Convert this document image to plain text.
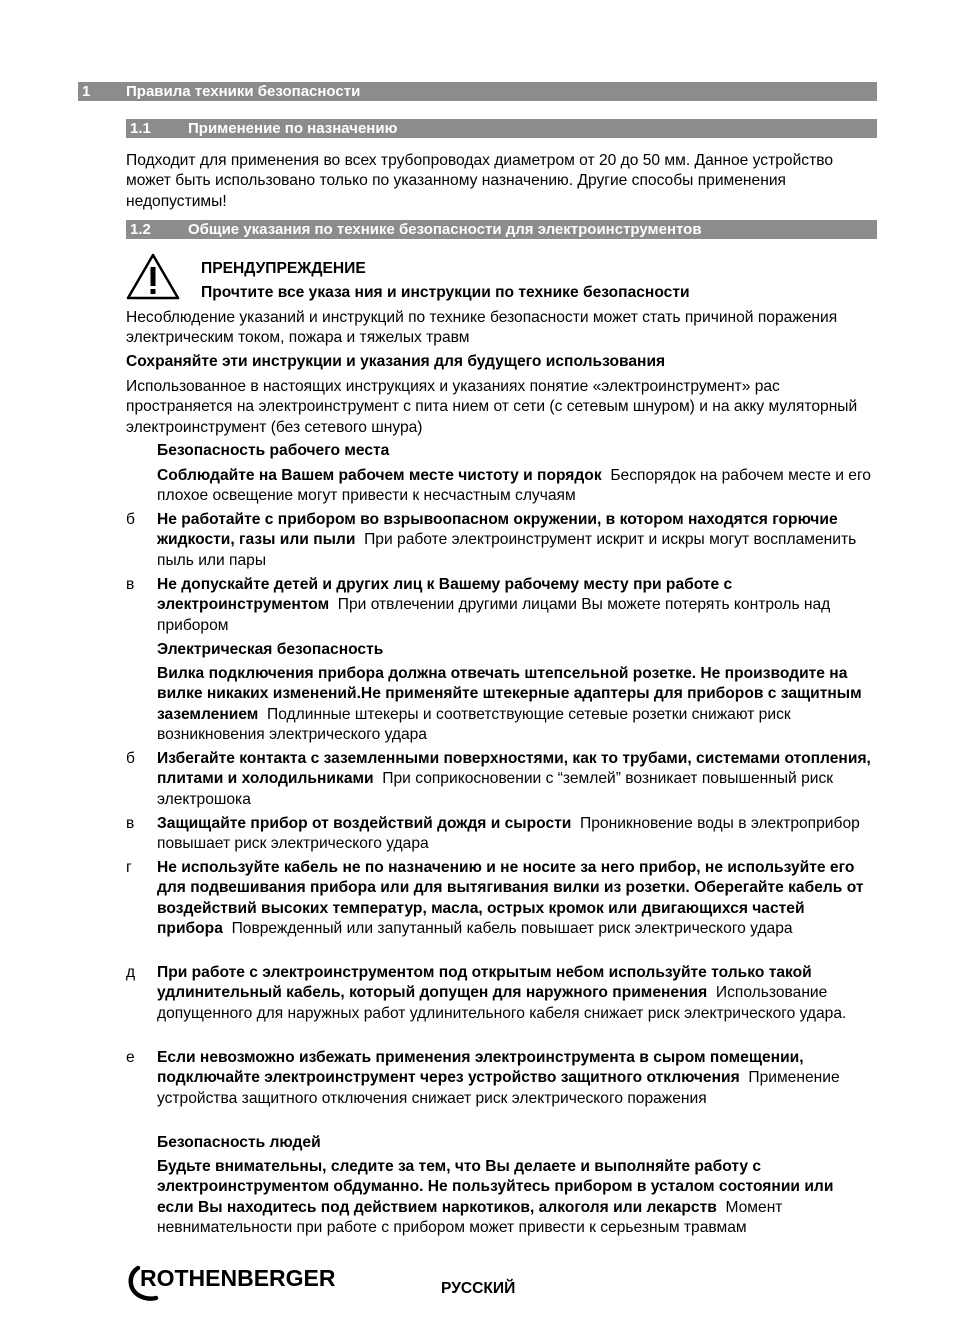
1 Правила техники безопасности
1.1 Применение по назначению
Подходит для применения во всех трубопроводах диаметром от 20 до 50 мм. Данное устройство может быть использовано только по указанному назначению. Другие способы применения недопустимы!
1.2 Общие указания по технике безопасности для электроинструментов
ПРЕНДУПРЕЖДЕНИЕ
Прочтите все указа ния и инструкции по технике безопасности
Несоблюдение указаний и инструкций по технике безопасности может стать причиной поражения электрическим током, пожара и тяжелых травм
Сохраняйте эти инструкции и указания для будущего использования
Использованное в настоящих инструкциях и указаниях понятие «электроинструмент» рас пространяется на электроинструмент с пита нием от сети (с сетевым шнуром) и на акку муляторный электроинструмент (без сетевого шнура)
Безопасность рабочего места
Соблюдайте на Вашем рабочем месте чистоту и порядок Беспорядок на рабочем месте и его плохое освещение могут привести к несчастным случаям
б Не работайте с прибором во взрывоопасном окружении, в котором находятся горючие жидкости, газы или пыли При работе электроинструмент искрит и искры могут воспламенить пыль или пары
в Не допускайте детей и других лиц к Вашему рабочему месту при работе с электроинструментом При отвлечении другими лицами Вы можете потерять контроль над прибором
Электрическая безопасность
Вилка подключения прибора должна отвечать штепсельной розетке. Не производите на вилке никаких изменений.Не применяйте штекерные адаптеры для приборов с защитным заземлением Подлинные штекеры и соответствующие сетевые розетки снижают риск возникновения электрического удара
б Избегайте контакта с заземленными поверхностями, как то трубами, системами отопления, плитами и холодильниками При соприкосновении с “землей” возникает повышенный риск электрошока
в Защищайте прибор от воздействий дождя и сырости Проникновение воды в электроприбор повышает риск электрического удара
г Не используйте кабель не по назначению и не носите за него прибор, не используйте его для подвешивания прибора или для вытягивания вилки из розетки. Оберегайте кабель от воздействий высоких температур, масла, острых кромок или двигающихся частей прибора Поврежденный или запутанный кабель повышает риск электрического удара
д При работе с электроинструментом под открытым небом используйте только такой удлинительный кабель, который допущен для наружного применения Использование допущенного для наружных работ удлинительного кабеля снижает риск электрического удара.
е Если невозможно избежать применения электроинструмента в сыром помещении, подключайте электроинструмент через устройство защитного отключения Применение устройства защитного отключения снижает риск электрического поражения
Безопасность людей
Будьте внимательны, следите за тем, что Вы делаете и выполняйте работу с электроинструментом обдуманно. Не пользуйтесь прибором в усталом состоянии или если Вы находитесь под действием наркотиков, алкоголя или лекарств Момент невнимательности при работе с прибором может привести к серьезным травмам
ROTHENBERGER	РУССКИЙ
